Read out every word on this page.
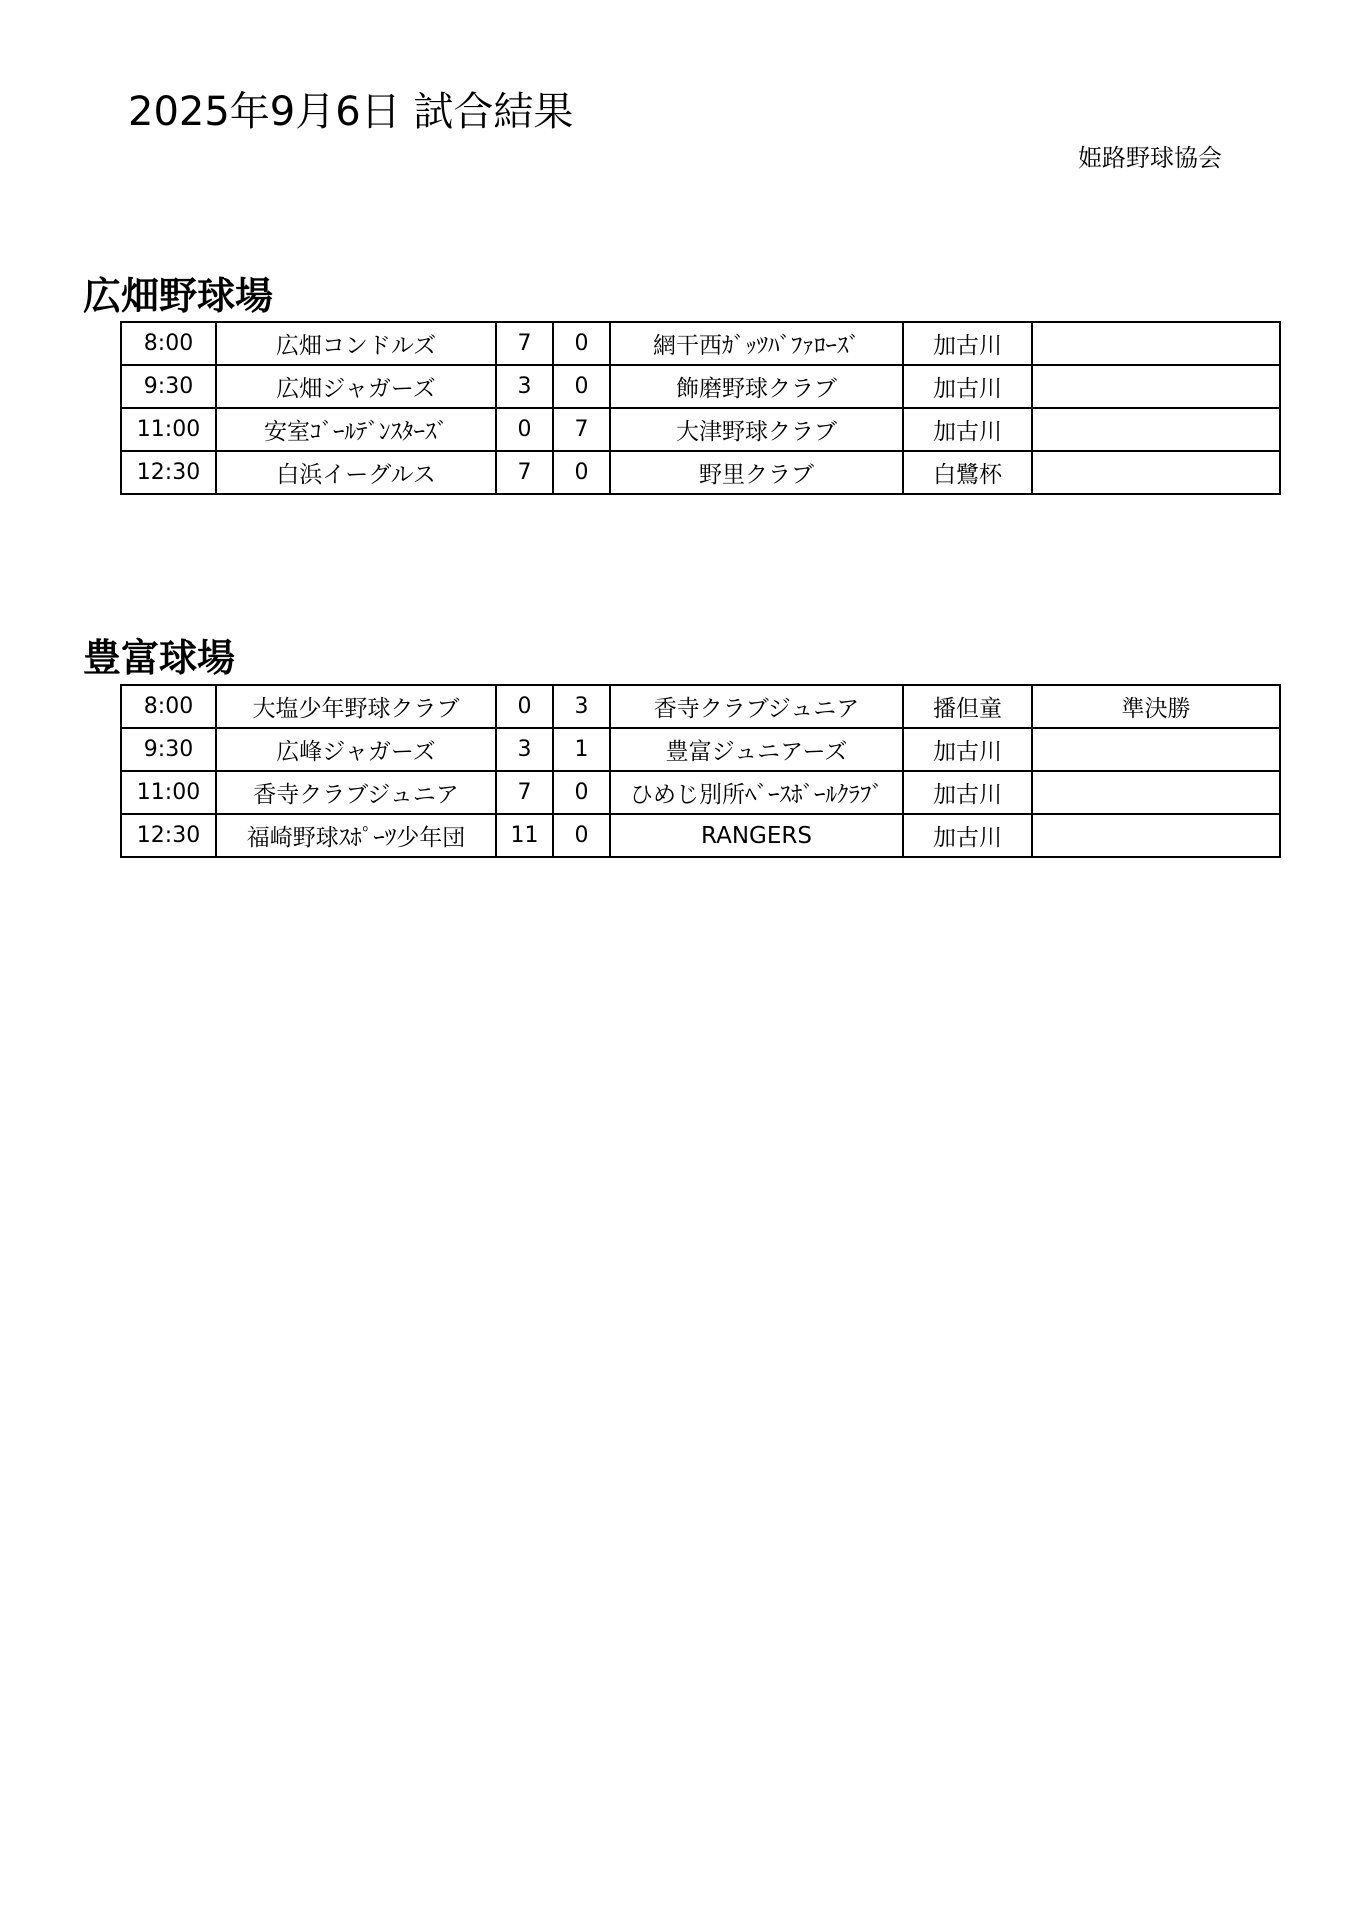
2025年9月6日 試合結果
姫路野球協会
広畑野球場
8:00	広畑コンドルズ	7	0	網干西ｶﾞｯﾂﾊﾞﾌｧﾛｰｽﾞ	加古川	
9:30	広畑ジャガーズ	3	0	飾磨野球クラブ	加古川	
11:00	安室ｺﾞｰﾙﾃﾞﾝｽﾀｰｽﾞ	0	7	大津野球クラブ	加古川	
12:30	白浜イーグルス	7	0	野里クラブ	白鷺杯	
豊富球場
8:00	大塩少年野球クラブ	0	3	香寺クラブジュニア	播但童	準決勝
9:30	広峰ジャガーズ	3	1	豊富ジュニアーズ	加古川	
11:00	香寺クラブジュニア	7	0	ひめじ別所ﾍﾞｰｽﾎﾞｰﾙｸﾗﾌﾞ	加古川	
12:30	福崎野球ｽﾎﾟｰﾂ少年団	11	0	RANGERS	加古川	
